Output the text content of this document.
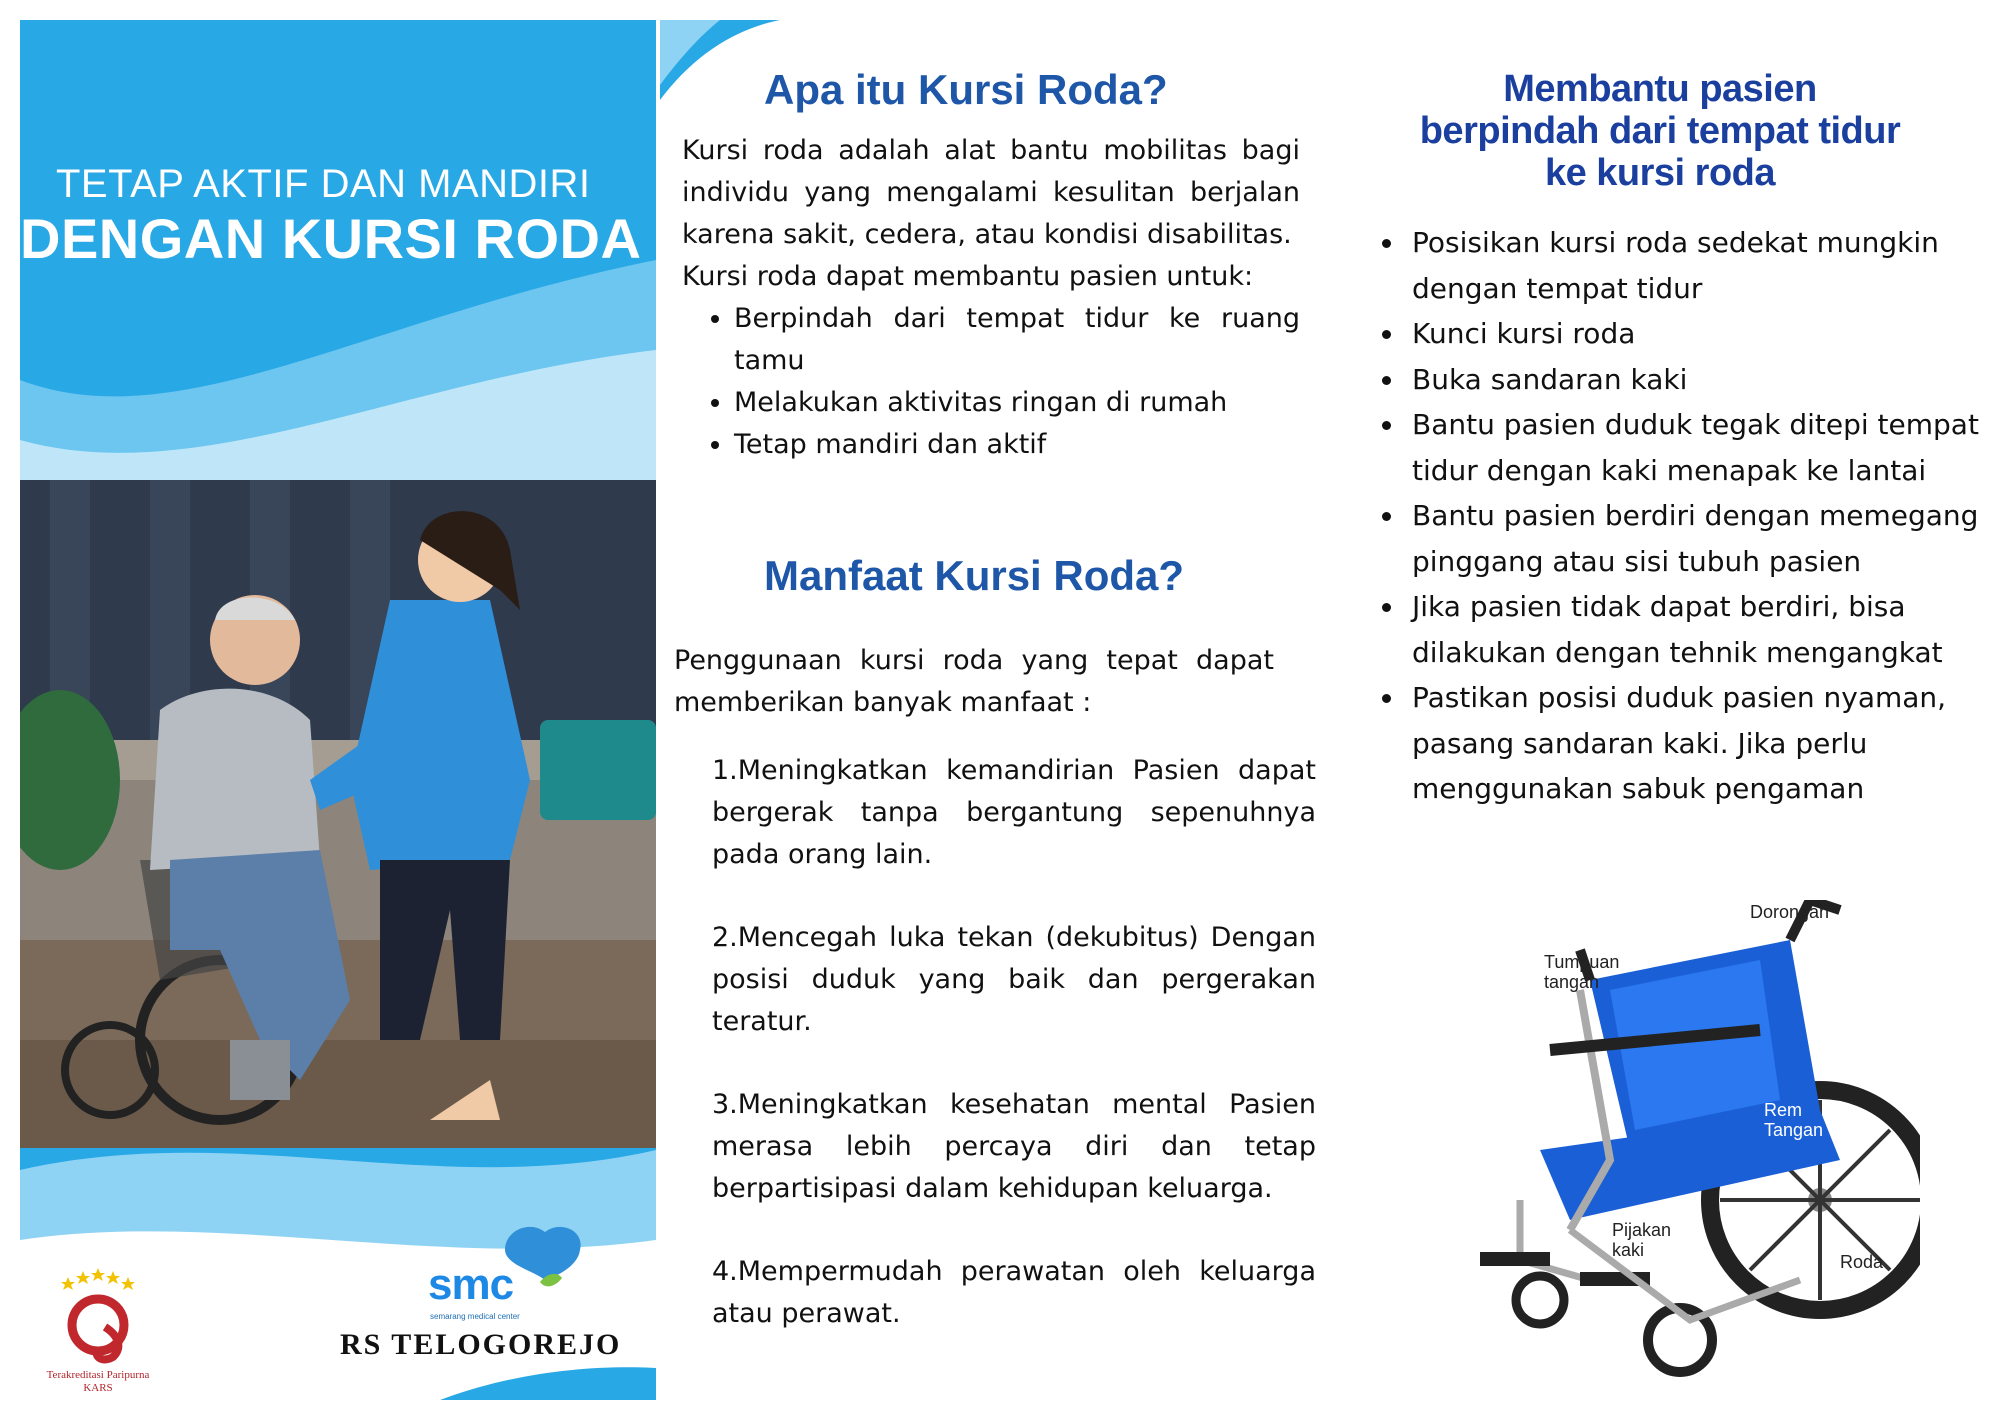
TETAP AKTIF DAN MANDIRI
DENGAN KURSI RODA
Terakreditasi Paripurna
KARS
smc
semarang medical center
RS TELOGOREJO
Apa itu Kursi Roda?
Kursi roda adalah alat bantu mobilitas bagi individu yang mengalami kesulitan berjalan karena sakit, cedera, atau kondisi disabilitas.
Kursi roda dapat membantu pasien untuk:
• Berpindah dari tempat tidur ke ruang tamu
• Melakukan aktivitas ringan di rumah
• Tetap mandiri dan aktif
Manfaat Kursi Roda?
Penggunaan kursi roda yang tepat dapat memberikan banyak manfaat :
1.Meningkatkan kemandirian Pasien dapat bergerak tanpa bergantung sepenuhnya pada orang lain.
2.Mencegah luka tekan (dekubitus) Dengan posisi duduk yang baik dan pergerakan teratur.
3.Meningkatkan kesehatan mental Pasien merasa lebih percaya diri dan tetap berpartisipasi dalam kehidupan keluarga.
4.Mempermudah perawatan oleh keluarga atau perawat.
Membantu pasien berpindah dari tempat tidur ke kursi roda
• Posisikan kursi roda sedekat mungkin dengan tempat tidur
• Kunci kursi roda
• Buka sandaran kaki
• Bantu pasien duduk tegak ditepi tempat tidur dengan kaki menapak ke lantai
• Bantu pasien berdiri dengan memegang pinggang atau sisi tubuh pasien
• Jika pasien tidak dapat berdiri, bisa dilakukan dengan tehnik mengangkat
• Pastikan posisi duduk pasien nyaman, pasang sandaran kaki. Jika perlu menggunakan sabuk pengaman
Dorongan
Tumpuan
tangan
Rem
Tangan
Pijakan
kaki
Roda
